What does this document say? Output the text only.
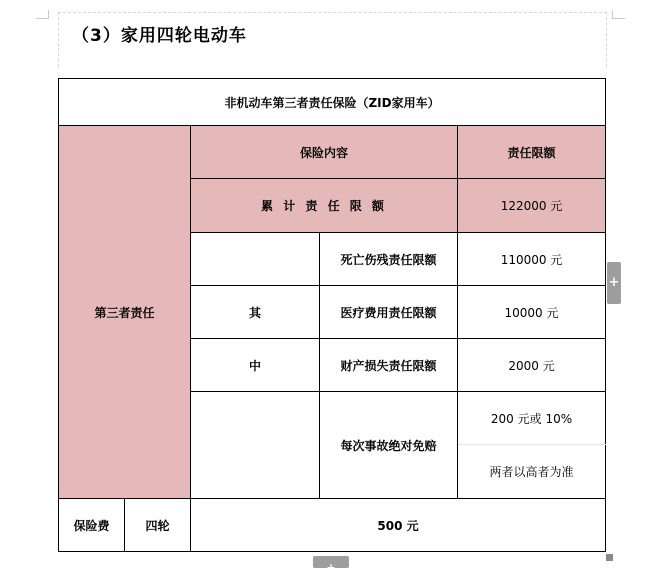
（3）家用四轮电动车
非机动车第三者责任保险（ZID家用车）				
第三者责任		保险内容		责任限额
		累 计 责 任 限 额		122000 元
			死亡伤残责任限额	110000 元
		其	医疗费用责任限额	10000 元
		中	财产损失责任限额	2000 元
			每次事故绝对免赔	200 元或 10%
				两者以高者为准
保险费	四轮	500 元		
+
+
